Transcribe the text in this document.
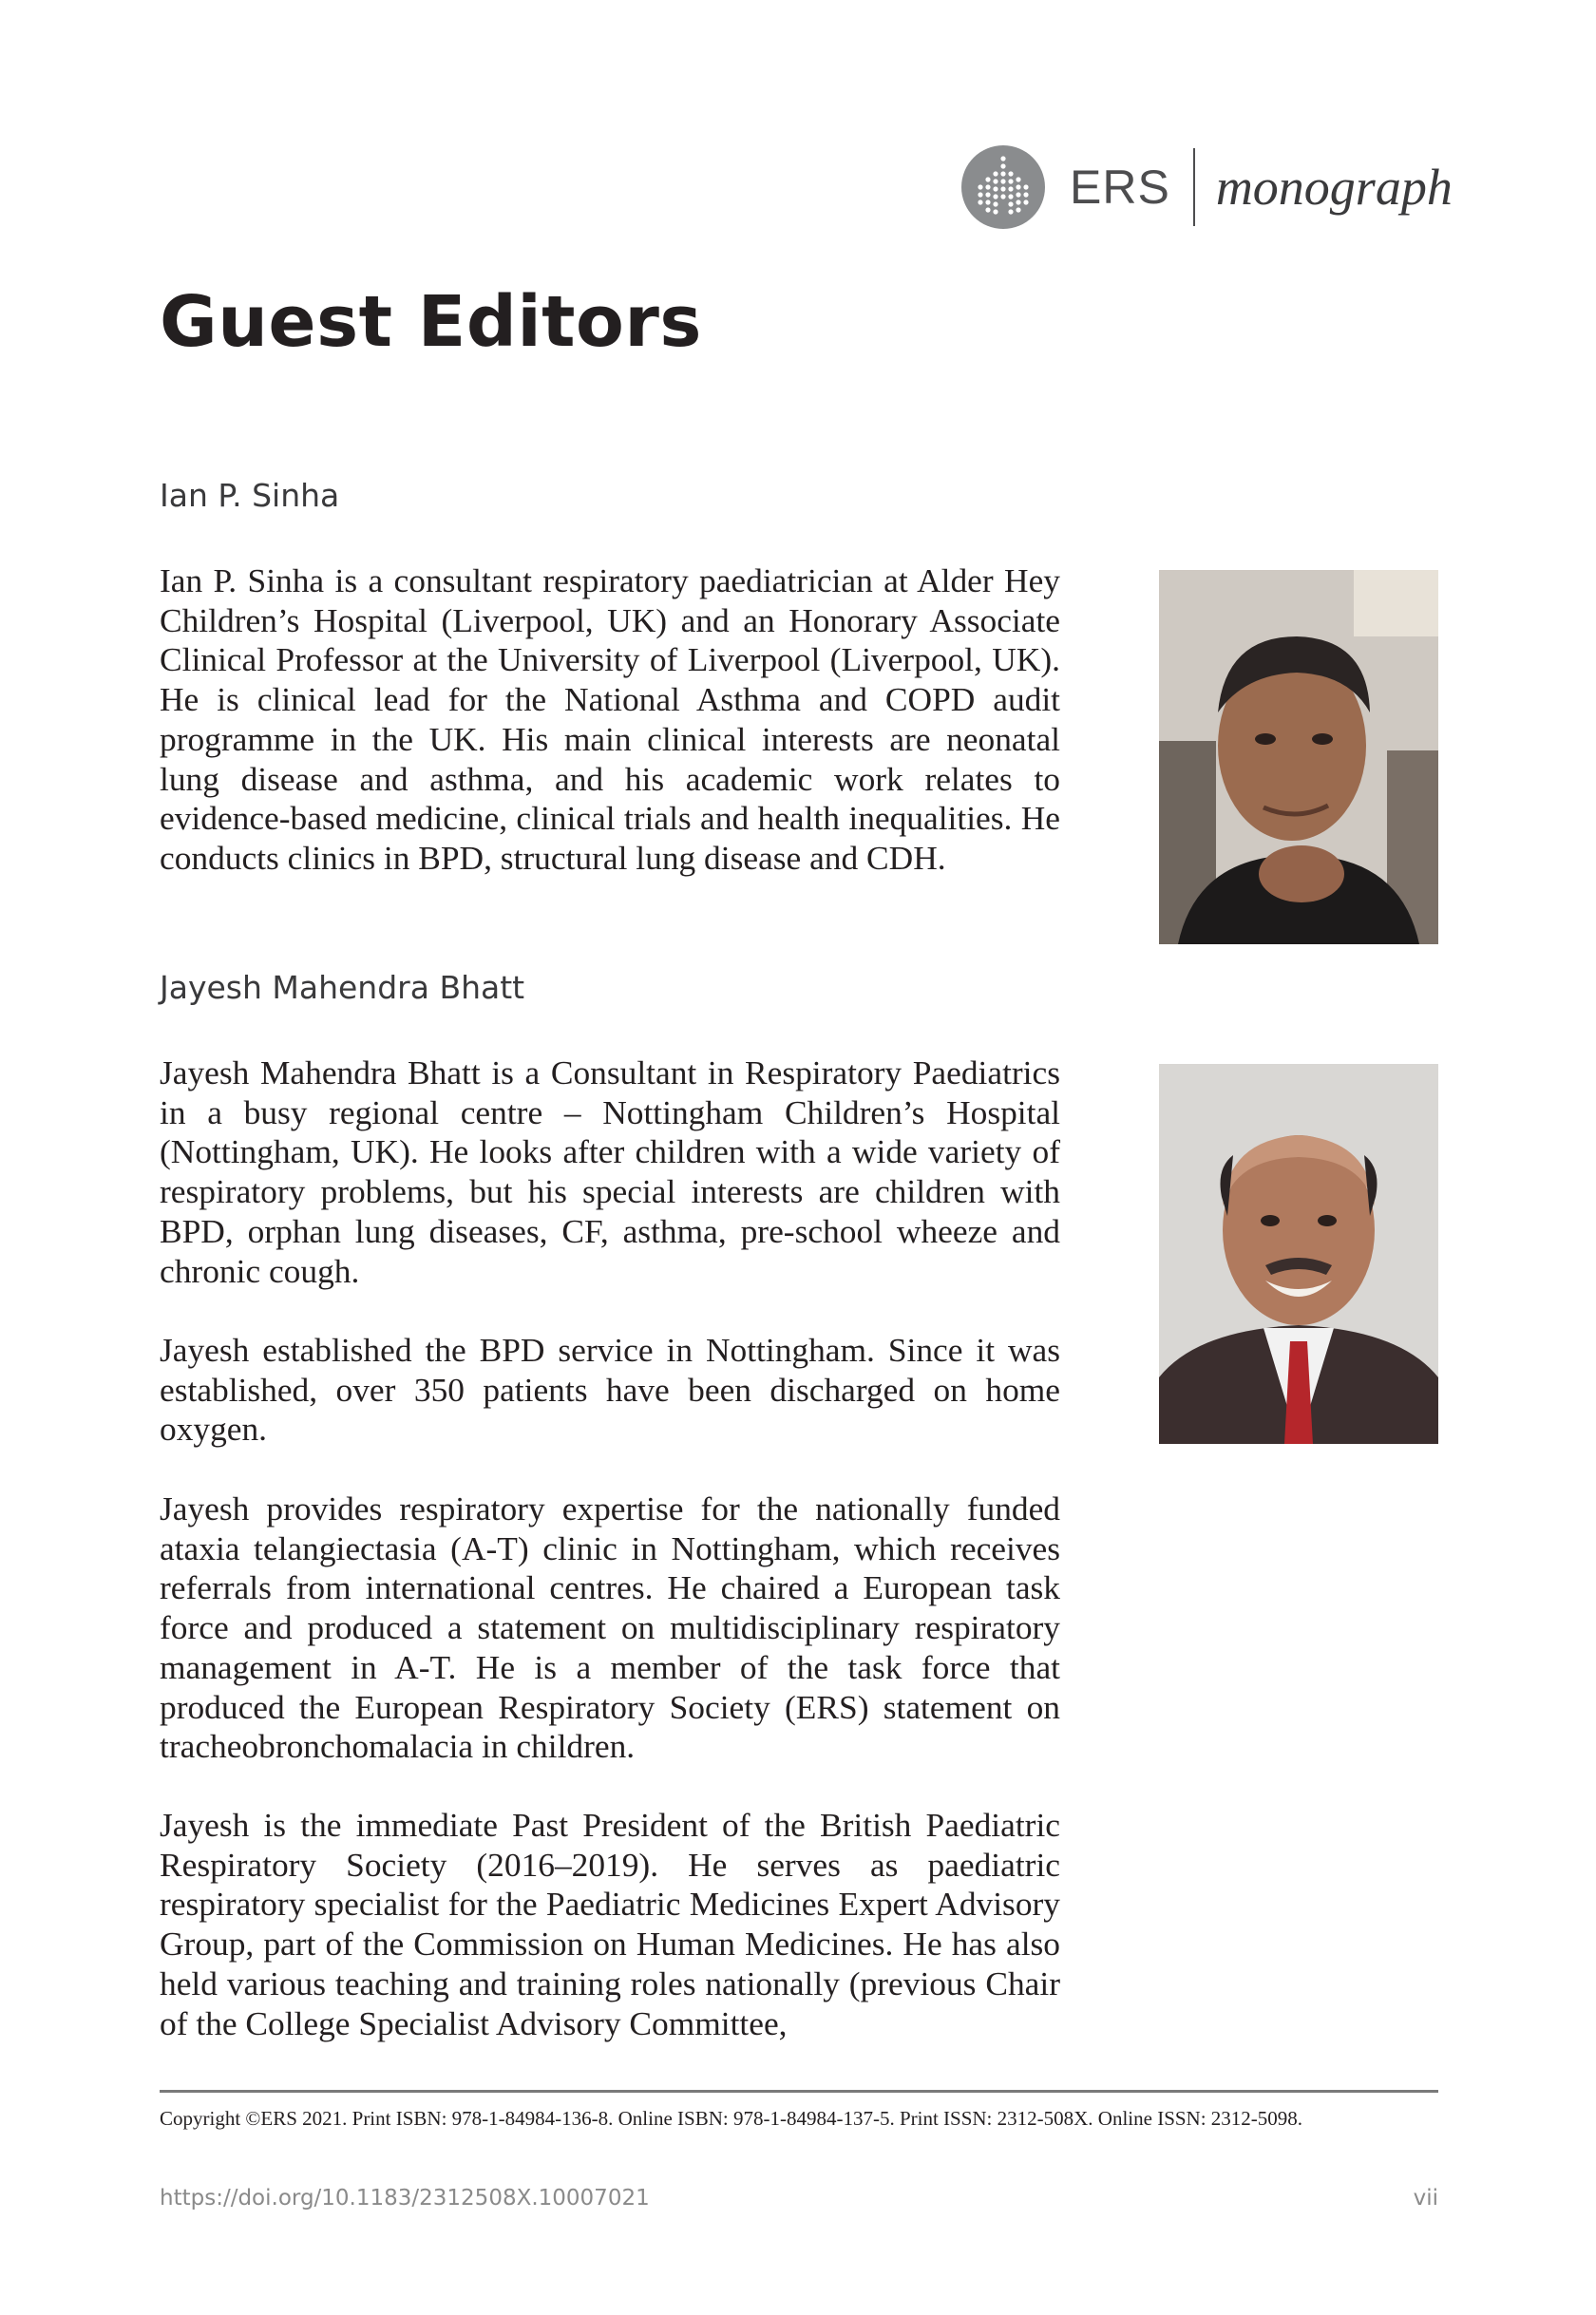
ERS monograph
Guest Editors

Ian P. Sinha

Ian P. Sinha is a consultant respiratory paediatrician at Alder Hey Children’s Hospital (Liverpool, UK) and an Honorary Associate Clinical Professor at the University of Liverpool (Liverpool, UK). He is clinical lead for the National Asthma and COPD audit programme in the UK. His main clinical interests are neonatal lung disease and asthma, and his academic work relates to evidence-based medicine, clinical trials and health inequalities. He conducts clinics in BPD, structural lung disease and CDH.

Jayesh Mahendra Bhatt

Jayesh Mahendra Bhatt is a Consultant in Respiratory Paediatrics in a busy regional centre – Nottingham Children’s Hospital (Nottingham, UK). He looks after children with a wide variety of respiratory problems, but his special interests are children with BPD, orphan lung diseases, CF, asthma, pre-school wheeze and chronic cough.

Jayesh established the BPD service in Nottingham. Since it was established, over 350 patients have been discharged on home oxygen.

Jayesh provides respiratory expertise for the nationally funded ataxia telangiectasia (A-T) clinic in Nottingham, which receives referrals from international centres. He chaired a European task force and produced a statement on multidisciplinary respiratory management in A-T. He is a member of the task force that produced the European Respiratory Society (ERS) statement on tracheobronchomalacia in children.

Jayesh is the immediate Past President of the British Paediatric Respiratory Society (2016–2019). He serves as paediatric respiratory specialist for the Paediatric Medicines Expert Advisory Group, part of the Commission on Human Medicines. He has also held various teaching and training roles nationally (previous Chair of the College Specialist Advisory Committee,

Copyright ©ERS 2021. Print ISBN: 978-1-84984-136-8. Online ISBN: 978-1-84984-137-5. Print ISSN: 2312-508X. Online ISSN: 2312-5098.

https://doi.org/10.1183/2312508X.10007021	vii
